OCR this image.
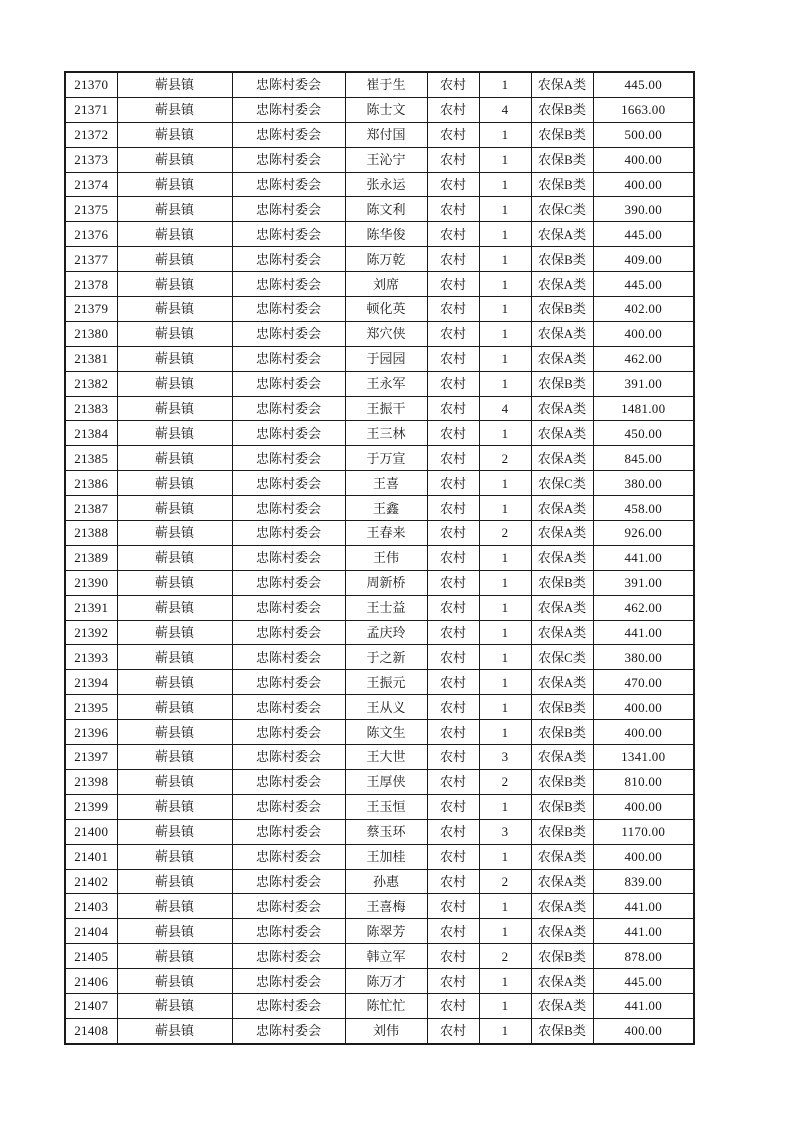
21370	蕲县镇	忠陈村委会	崔于生	农村	1	农保A类	445.00
21371	蕲县镇	忠陈村委会	陈士文	农村	4	农保B类	1663.00
21372	蕲县镇	忠陈村委会	郑付国	农村	1	农保B类	500.00
21373	蕲县镇	忠陈村委会	王沁宁	农村	1	农保B类	400.00
21374	蕲县镇	忠陈村委会	张永运	农村	1	农保B类	400.00
21375	蕲县镇	忠陈村委会	陈文利	农村	1	农保C类	390.00
21376	蕲县镇	忠陈村委会	陈华俊	农村	1	农保A类	445.00
21377	蕲县镇	忠陈村委会	陈万乾	农村	1	农保B类	409.00
21378	蕲县镇	忠陈村委会	刘席	农村	1	农保A类	445.00
21379	蕲县镇	忠陈村委会	顿化英	农村	1	农保B类	402.00
21380	蕲县镇	忠陈村委会	郑穴侠	农村	1	农保A类	400.00
21381	蕲县镇	忠陈村委会	于园园	农村	1	农保A类	462.00
21382	蕲县镇	忠陈村委会	王永军	农村	1	农保B类	391.00
21383	蕲县镇	忠陈村委会	王振干	农村	4	农保A类	1481.00
21384	蕲县镇	忠陈村委会	王三林	农村	1	农保A类	450.00
21385	蕲县镇	忠陈村委会	于万宣	农村	2	农保A类	845.00
21386	蕲县镇	忠陈村委会	王喜	农村	1	农保C类	380.00
21387	蕲县镇	忠陈村委会	王鑫	农村	1	农保A类	458.00
21388	蕲县镇	忠陈村委会	王春来	农村	2	农保A类	926.00
21389	蕲县镇	忠陈村委会	王伟	农村	1	农保A类	441.00
21390	蕲县镇	忠陈村委会	周新桥	农村	1	农保B类	391.00
21391	蕲县镇	忠陈村委会	王士益	农村	1	农保A类	462.00
21392	蕲县镇	忠陈村委会	孟庆玲	农村	1	农保A类	441.00
21393	蕲县镇	忠陈村委会	于之新	农村	1	农保C类	380.00
21394	蕲县镇	忠陈村委会	王振元	农村	1	农保A类	470.00
21395	蕲县镇	忠陈村委会	王从义	农村	1	农保B类	400.00
21396	蕲县镇	忠陈村委会	陈文生	农村	1	农保B类	400.00
21397	蕲县镇	忠陈村委会	王大世	农村	3	农保A类	1341.00
21398	蕲县镇	忠陈村委会	王厚侠	农村	2	农保B类	810.00
21399	蕲县镇	忠陈村委会	王玉恒	农村	1	农保B类	400.00
21400	蕲县镇	忠陈村委会	蔡玉环	农村	3	农保B类	1170.00
21401	蕲县镇	忠陈村委会	王加桂	农村	1	农保A类	400.00
21402	蕲县镇	忠陈村委会	孙惠	农村	2	农保A类	839.00
21403	蕲县镇	忠陈村委会	王喜梅	农村	1	农保A类	441.00
21404	蕲县镇	忠陈村委会	陈翠芳	农村	1	农保A类	441.00
21405	蕲县镇	忠陈村委会	韩立军	农村	2	农保B类	878.00
21406	蕲县镇	忠陈村委会	陈万才	农村	1	农保A类	445.00
21407	蕲县镇	忠陈村委会	陈忙忙	农村	1	农保A类	441.00
21408	蕲县镇	忠陈村委会	刘伟	农村	1	农保B类	400.00
